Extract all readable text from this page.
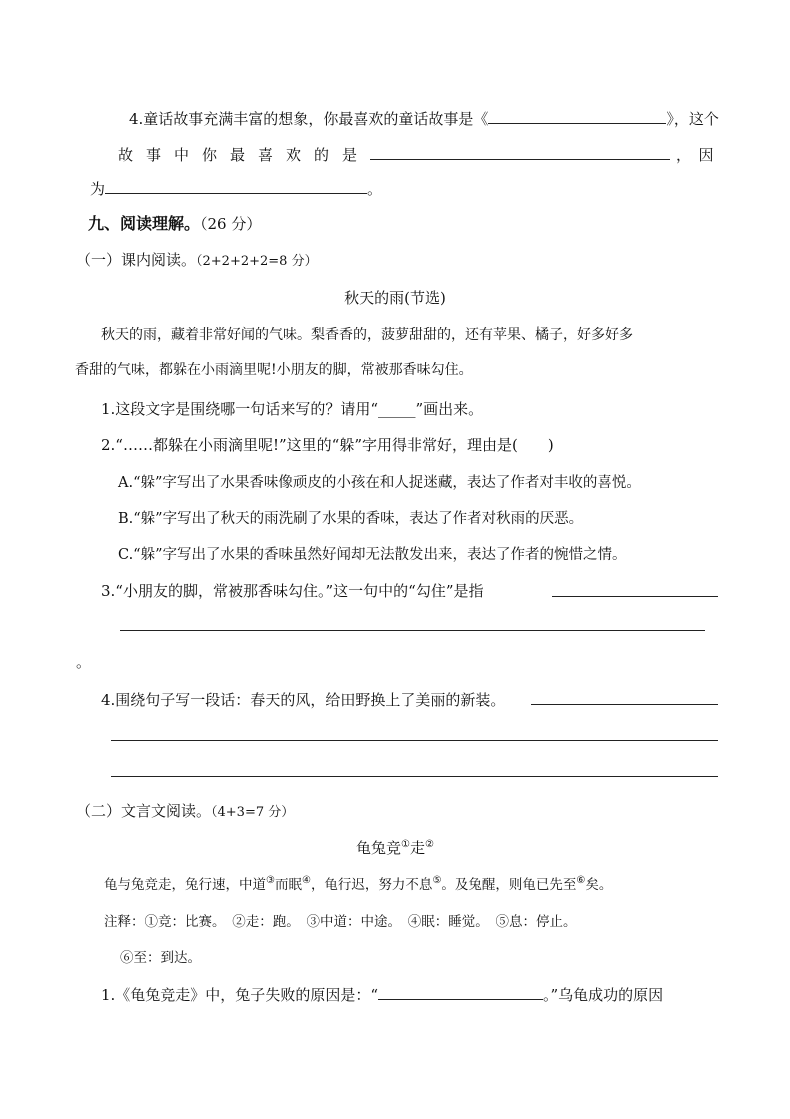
4.童话故事充满丰富的想象，你最喜欢的童话故事是《	》，这个
故事中你最喜欢的是	，　因
为	。
九、阅读理解。（26 分）
（一）课内阅读。（2+2+2+2=8 分）
秋天的雨(节选)
秋天的雨，藏着非常好闻的气味。梨香香的，菠萝甜甜的，还有苹果、橘子，好多好多
香甜的气味，都躲在小雨滴里呢!小朋友的脚，常被那香味勾住。
1.这段文字是围绕哪一句话来写的？请用“_____”画出来。
2.“……都躲在小雨滴里呢!”这里的“躲”字用得非常好，理由是(　　)
A.“躲”字写出了水果香味像顽皮的小孩在和人捉迷藏，表达了作者对丰收的喜悦。
B.“躲”字写出了秋天的雨洗刷了水果的香味，表达了作者对秋雨的厌恶。
C.“躲”字写出了水果的香味虽然好闻却无法散发出来，表达了作者的惋惜之情。
3.“小朋友的脚，常被那香味勾住。”这一句中的“勾住”是指
。
4.围绕句子写一段话：春天的风，给田野换上了美丽的新装。
（二）文言文阅读。（4+3=7 分）
龟兔竞①走②
龟与兔竞走，兔行速，中道③而眠④，龟行迟，努力不息⑤。及兔醒，则龟已先至⑥矣。
注释：①竞：比赛。　②走：跑。　③中道：中途。　④眠：睡觉。　⑤息：停止。
⑥至：到达。
1.《龟兔竞走》中，兔子失败的原因是：“	。”乌龟成功的原因
